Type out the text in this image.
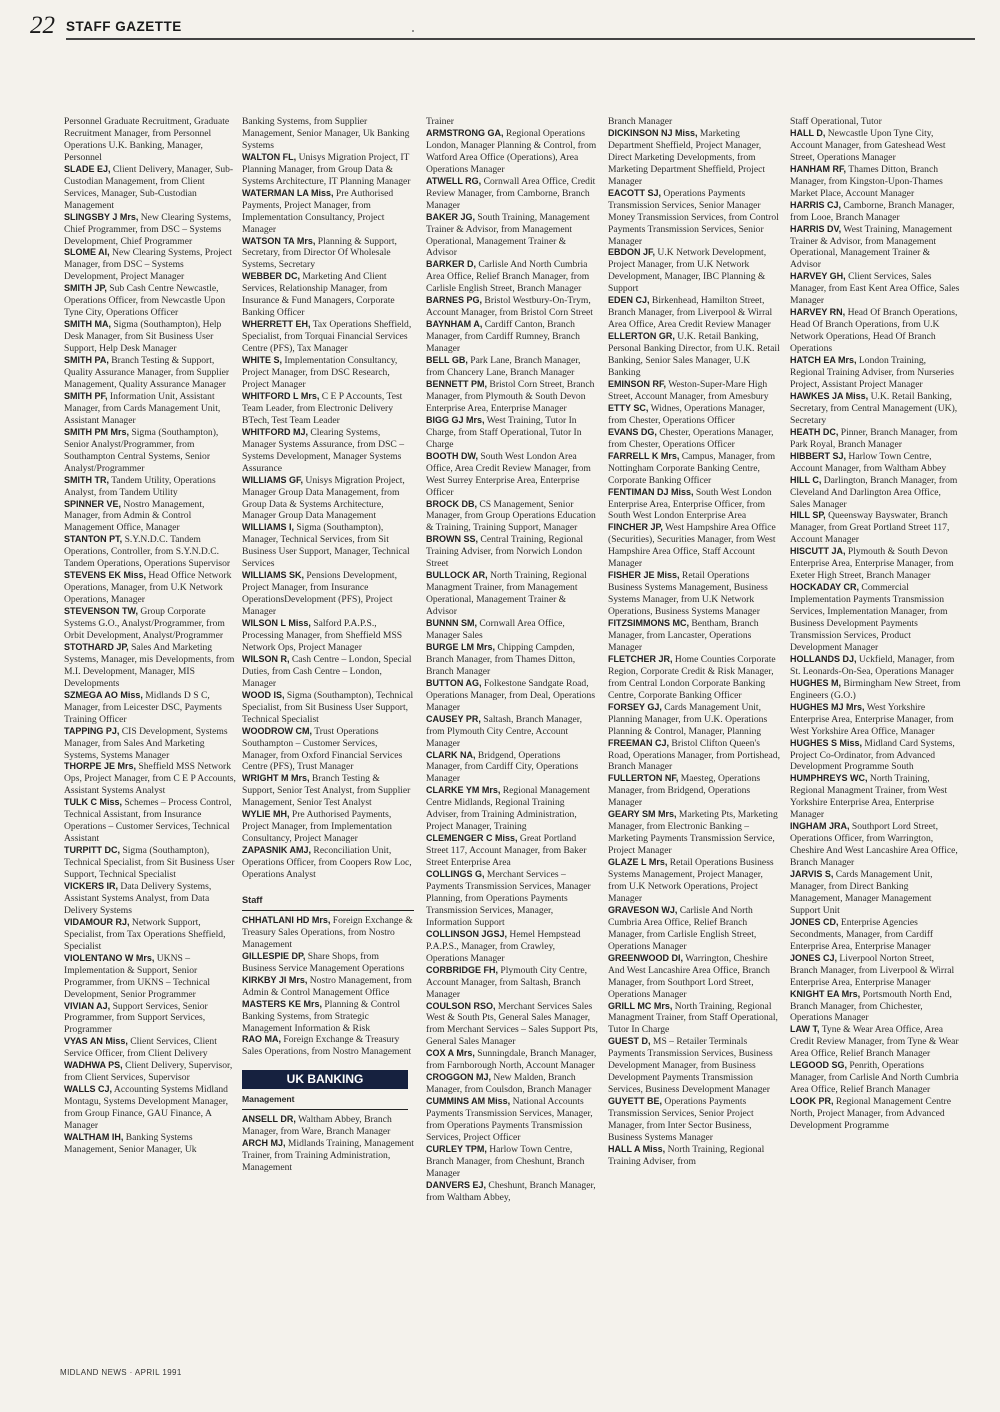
22 STAFF GAZETTE

Personnel Graduate Recruitment, Graduate Recruitment Manager, from Personnel Operations U.K. Banking, Manager, Personnel

SLADE EJ, Client Delivery, Manager, Sub-Custodian Management, from Client Services, Manager, Sub-Custodian Management

SLINGSBY J Mrs, New Clearing Systems, Chief Programmer, from DSC – Systems Development, Chief Programmer

SLOME AI, New Clearing Systems, Project Manager, from DSC – Systems Development, Project Manager

SMITH JP, Sub Cash Centre Newcastle, Operations Officer, from Newcastle Upon Tyne City, Operations Officer

SMITH MA, Sigma (Southampton), Help Desk Manager, from Sit Business User Support, Help Desk Manager

SMITH PA, Branch Testing & Support, Quality Assurance Manager, from Supplier Management, Quality Assurance Manager

SMITH PF, Information Unit, Assistant Manager, from Cards Management Unit, Assistant Manager

SMITH PM Mrs, Sigma (Southampton), Senior Analyst/Programmer, from Southampton Central Systems, Senior Analyst/Programmer

SMITH TR, Tandem Utility, Operations Analyst, from Tandem Utility

SPINNER VE, Nostro Management, Manager, from Admin & Control Management Office, Manager

STANTON PT, S.Y.N.D.C. Tandem Operations, Controller, from S.Y.N.D.C. Tandem Operations, Operations Supervisor

STEVENS EK Miss, Head Office Network Operations, Manager, from U.K Network Operations, Manager

STEVENSON TW, Group Corporate Systems G.O., Analyst/Programmer, from Orbit Development, Analyst/Programmer

STOTHARD JP, Sales And Marketing Systems, Manager, mis Developments, from M.I. Development, Manager, MIS Developments

SZMEGA AO Miss, Midlands D S C, Manager, from Leicester DSC, Payments Training Officer

TAPPING PJ, CIS Development, Systems Manager, from Sales And Marketing Systems, Systems Manager

THORPE JE Mrs, Sheffield MSS Network Ops, Project Manager, from C E P Accounts, Assistant Systems Analyst

TULK C Miss, Schemes – Process Control, Technical Assistant, from Insurance Operations – Customer Services, Technical Assistant

TURPITT DC, Sigma (Southampton), Technical Specialist, from Sit Business User Support, Technical Specialist

VICKERS IR, Data Delivery Systems, Assistant Systems Analyst, from Data Delivery Systems

VIDAMOUR RJ, Network Support, Specialist, from Tax Operations Sheffield, Specialist

VIOLENTANO W Mrs, UKNS – Implementation & Support, Senior Programmer, from UKNS – Technical Development, Senior Programmer

VIVIAN AJ, Support Services, Senior Programmer, from Support Services, Programmer

VYAS AN Miss, Client Services, Client Service Officer, from Client Delivery

WADHWA PS, Client Delivery, Supervisor, from Client Services, Supervisor

WALLS CJ, Accounting Systems Midland Montagu, Systems Development Manager, from Group Finance, GAU Finance, A Manager

WALTHAM IH, Banking Systems Management, Senior Manager, Uk

Banking Systems, from Supplier Management, Senior Manager, Uk Banking Systems

WALTON FL, Unisys Migration Project, IT Planning Manager, from Group Data & Systems Architecture, IT Planning Manager

WATERMAN LA Miss, Pre Authorised Payments, Project Manager, from Implementation Consultancy, Project Manager

WATSON TA Mrs, Planning & Support, Secretary, from Director Of Wholesale Systems, Secretary

WEBBER DC, Marketing And Client Services, Relationship Manager, from Insurance & Fund Managers, Corporate Banking Officer

WHERRETT EH, Tax Operations Sheffield, Specialist, from Torquai Financial Services Centre (PFS), Tax Manager

WHITE S, Implementation Consultancy, Project Manager, from DSC Research, Project Manager

WHITFORD L Mrs, C E P Accounts, Test Team Leader, from Electronic Delivery BTech, Test Team Leader

WHITFORD MJ, Clearing Systems, Manager Systems Assurance, from DSC – Systems Development, Manager Systems Assurance

WILLIAMS GF, Unisys Migration Project, Manager Group Data Management, from Group Data & Systems Architecture, Manager Group Data Management

WILLIAMS I, Sigma (Southampton), Manager, Technical Services, from Sit Business User Support, Manager, Technical Services

WILLIAMS SK, Pensions Development, Project Manager, from Insurance OperationsDevelopment (PFS), Project Manager

WILSON L Miss, Salford P.A.P.S., Processing Manager, from Sheffield MSS Network Ops, Project Manager

WILSON R, Cash Centre – London, Special Duties, from Cash Centre – London, Manager

WOOD IS, Sigma (Southampton), Technical Specialist, from Sit Business User Support, Technical Specialist

WOODROW CM, Trust Operations Southampton – Customer Services, Manager, from Oxford Financial Services Centre (PFS), Trust Manager

WRIGHT M Mrs, Branch Testing & Support, Senior Test Analyst, from Supplier Management, Senior Test Analyst

WYLIE MH, Pre Authorised Payments, Project Manager, from Implementation Consultancy, Project Manager

ZAPASNIK AMJ, Reconciliation Unit, Operations Officer, from Coopers Row Loc, Operations Analyst

Staff

CHHATLANI HD Mrs, Foreign Exchange & Treasury Sales Operations, from Nostro Management

GILLESPIE DP, Share Shops, from Business Service Management Operations

KIRKBY JI Mrs, Nostro Management, from Admin & Control Management Office

MASTERS KE Mrs, Planning & Control Banking Systems, from Strategic Management Information & Risk

RAO MA, Foreign Exchange & Treasury Sales Operations, from Nostro Management

UK BANKING
Management

ANSELL DR, Waltham Abbey, Branch Manager, from Ware, Branch Manager

ARCH MJ, Midlands Training, Management Trainer, from Training Administration, Management

Trainer

ARMSTRONG GA, Regional Operations London, Manager Planning & Control, from Watford Area Office (Operations), Area Operations Manager

ATWELL RG, Cornwall Area Office, Credit Review Manager, from Camborne, Branch Manager

BAKER JG, South Training, Management Trainer & Advisor, from Management Operational, Management Trainer & Advisor

BARKER D, Carlisle And North Cumbria Area Office, Relief Branch Manager, from Carlisle English Street, Branch Manager

BARNES PG, Bristol Westbury-On-Trym, Account Manager, from Bristol Corn Street

BAYNHAM A, Cardiff Canton, Branch Manager, from Cardiff Rumney, Branch Manager

BELL GB, Park Lane, Branch Manager, from Chancery Lane, Branch Manager

BENNETT PM, Bristol Corn Street, Branch Manager, from Plymouth & South Devon Enterprise Area, Enterprise Manager

BIGG GJ Mrs, West Training, Tutor In Charge, from Staff Operational, Tutor In Charge

BOOTH DW, South West London Area Office, Area Credit Review Manager, from West Surrey Enterprise Area, Enterprise Officer

BROCK DB, CS Management, Senior Manager, from Group Operations Education & Training, Training Support, Manager

BROWN SS, Central Training, Regional Training Adviser, from Norwich London Street

BULLOCK AR, North Training, Regional Managment Trainer, from Management Operational, Management Trainer & Advisor

BUNNN SM, Cornwall Area Office, Manager Sales

BURGE LM Mrs, Chipping Campden, Branch Manager, from Thames Ditton, Branch Manager

BUTTON AG, Folkestone Sandgate Road, Operations Manager, from Deal, Operations Manager

CAUSEY PR, Saltash, Branch Manager, from Plymouth City Centre, Account Manager

CLARK NA, Bridgend, Operations Manager, from Cardiff City, Operations Manager

CLARKE YM Mrs, Regional Management Centre Midlands, Regional Training Adviser, from Training Administration, Project Manager, Training

CLEMENGER C Miss, Great Portland Street 117, Account Manager, from Baker Street Enterprise Area

COLLINGS G, Merchant Services – Payments Transmission Services, Manager Planning, from Operations Payments Transmission Services, Manager, Information Support

COLLINSON JGSJ, Hemel Hempstead P.A.P.S., Manager, from Crawley, Operations Manager

CORBRIDGE FH, Plymouth City Centre, Account Manager, from Saltash, Branch Manager

COULSON RSO, Merchant Services Sales West & South Pts, General Sales Manager, from Merchant Services – Sales Support Pts, General Sales Manager

COX A Mrs, Sunningdale, Branch Manager, from Farnborough North, Account Manager

CROGGON MJ, New Malden, Branch Manager, from Coulsdon, Branch Manager

CUMMINS AM Miss, National Accounts Payments Transmission Services, Manager, from Operations Payments Transmission Services, Project Officer

CURLEY TPM, Harlow Town Centre, Branch Manager, from Cheshunt, Branch Manager

DANVERS EJ, Cheshunt, Branch Manager, from Waltham Abbey,

Branch Manager

DICKINSON NJ Miss, Marketing Department Sheffield, Project Manager, Direct Marketing Developments, from Marketing Department Sheffield, Project Manager

EACOTT SJ, Operations Payments Transmission Services, Senior Manager Money Transmission Services, from Control Payments Transmission Services, Senior Manager

EBDON JF, U.K Network Development, Project Manager, from U.K Network Development, Manager, IBC Planning & Support

EDEN CJ, Birkenhead, Hamilton Street, Branch Manager, from Liverpool & Wirral Area Office, Area Credit Review Manager

ELLERTON GR, U.K. Retail Banking, Personal Banking Director, from U.K. Retail Banking, Senior Sales Manager, U.K Banking

EMINSON RF, Weston-Super-Mare High Street, Account Manager, from Amesbury

ETTY SC, Widnes, Operations Manager, from Chester, Operations Officer

EVANS DG, Chester, Operations Manager, from Chester, Operations Officer

FARRELL K Mrs, Campus, Manager, from Nottingham Corporate Banking Centre, Corporate Banking Officer

FENTIMAN DJ Miss, South West London Enterprise Area, Enterprise Officer, from South West London Enterprise Area

FINCHER JP, West Hampshire Area Office (Securities), Securities Manager, from West Hampshire Area Office, Staff Account Manager

FISHER JE Miss, Retail Operations Business Systems Management, Business Systems Manager, from U.K Network Operations, Business Systems Manager

FITZSIMMONS MC, Bentham, Branch Manager, from Lancaster, Operations Manager

FLETCHER JR, Home Counties Corporate Region, Corporate Credit & Risk Manager, from Central London Corporate Banking Centre, Corporate Banking Officer

FORSEY GJ, Cards Management Unit, Planning Manager, from U.K. Operations Planning & Control, Manager, Planning

FREEMAN CJ, Bristol Clifton Queen's Road, Operations Manager, from Portishead, Branch Manager

FULLERTON NF, Maesteg, Operations Manager, from Bridgend, Operations Manager

GEARY SM Mrs, Marketing Pts, Marketing Manager, from Electronic Banking – Marketing Payments Transmission Service, Project Manager

GLAZE L Mrs, Retail Operations Business Systems Management, Project Manager, from U.K Network Operations, Project Manager

GRAVESON WJ, Carlisle And North Cumbria Area Office, Relief Branch Manager, from Carlisle English Street, Operations Manager

GREENWOOD DI, Warrington, Cheshire And West Lancashire Area Office, Branch Manager, from Southport Lord Street, Operations Manager

GRILL MC Mrs, North Training, Regional Managment Trainer, from Staff Operational, Tutor In Charge

GUEST D, MS – Retailer Terminals Payments Transmission Services, Business Development Manager, from Business Development Payments Transmission Services, Business Development Manager

GUYETT BE, Operations Payments Transmission Services, Senior Project Manager, from Inter Sector Business, Business Systems Manager

HALL A Miss, North Training, Regional Training Adviser, from

Staff Operational, Tutor

HALL D, Newcastle Upon Tyne City, Account Manager, from Gateshead West Street, Operations Manager

HANHAM RF, Thames Ditton, Branch Manager, from Kingston-Upon-Thames Market Place, Account Manager

HARRIS CJ, Camborne, Branch Manager, from Looe, Branch Manager

HARRIS DV, West Training, Management Trainer & Advisor, from Management Operational, Management Trainer & Advisor

HARVEY GH, Client Services, Sales Manager, from East Kent Area Office, Sales Manager

HARVEY RN, Head Of Branch Operations, Head Of Branch Operations, from U.K Network Operations, Head Of Branch Operations

HATCH EA Mrs, London Training, Regional Training Adviser, from Nurseries Project, Assistant Project Manager

HAWKES JA Miss, U.K. Retail Banking, Secretary, from Central Management (UK), Secretary

HEATH DC, Pinner, Branch Manager, from Park Royal, Branch Manager

HIBBERT SJ, Harlow Town Centre, Account Manager, from Waltham Abbey

HILL C, Darlington, Branch Manager, from Cleveland And Darlington Area Office, Sales Manager

HILL SP, Queensway Bayswater, Branch Manager, from Great Portland Street 117, Account Manager

HISCUTT JA, Plymouth & South Devon Enterprise Area, Enterprise Manager, from Exeter High Street, Branch Manager

HOCKADAY CR, Commercial Implementation Payments Transmission Services, Implementation Manager, from Business Development Payments Transmission Services, Product Development Manager

HOLLANDS DJ, Uckfield, Manager, from St. Leonards-On-Sea, Operations Manager

HUGHES M, Birmingham New Street, from Engineers (G.O.)

HUGHES MJ Mrs, West Yorkshire Enterprise Area, Enterprise Manager, from West Yorkshire Area Office, Manager

HUGHES S Miss, Midland Card Systems, Project Co-Ordinator, from Advanced Development Programme South

HUMPHREYS WC, North Training, Regional Managment Trainer, from West Yorkshire Enterprise Area, Enterprise Manager

INGHAM JRA, Southport Lord Street, Operations Officer, from Warrington, Cheshire And West Lancashire Area Office, Branch Manager

JARVIS S, Cards Management Unit, Manager, from Direct Banking Management, Manager Management Support Unit

JONES CD, Enterprise Agencies Secondments, Manager, from Cardiff Enterprise Area, Enterprise Manager

JONES CJ, Liverpool Norton Street, Branch Manager, from Liverpool & Wirral Enterprise Area, Enterprise Manager

KNIGHT EA Mrs, Portsmouth North End, Branch Manager, from Chichester, Operations Manager

LAW T, Tyne & Wear Area Office, Area Credit Review Manager, from Tyne & Wear Area Office, Relief Branch Manager

LEGOOD SG, Penrith, Operations Manager, from Carlisle And North Cumbria Area Office, Relief Branch Manager

LOOK PR, Regional Management Centre North, Project Manager, from Advanced Development Programme

MIDLAND NEWS · APRIL 1991
